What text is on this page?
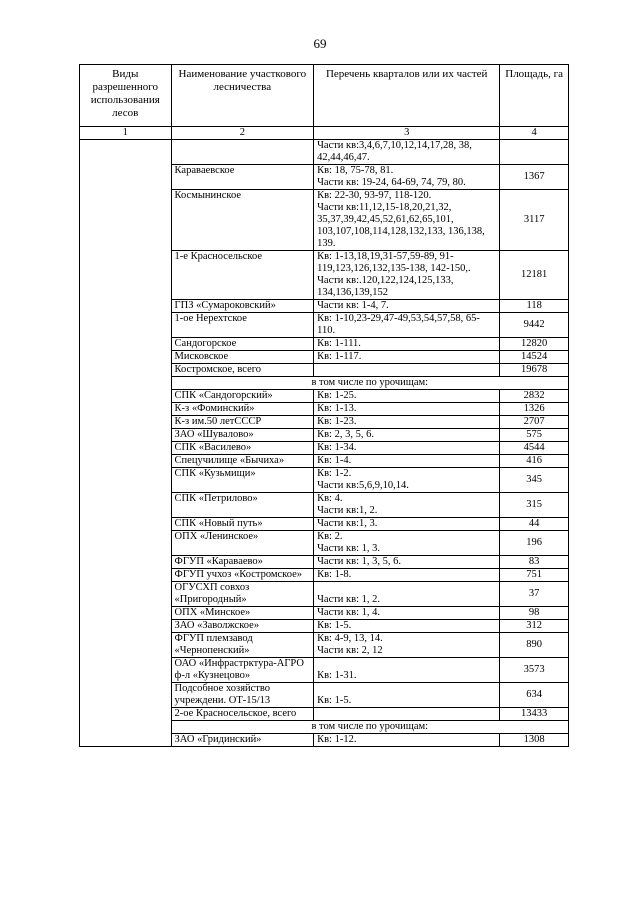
69
Виды разрешенного использования лесов	Наименование участкового лесничества	Перечень кварталов или их частей	Площадь, га
1	2	3	4

		Части кв:3,4,6,7,10,12,14,17,28, 38, 42,44,46,47.	

	Каравaевское	Кв: 18, 75-78, 81.
Части кв: 19-24, 64-69, 74, 79, 80.	1367

	Космынинское	Кв: 22-30, 93-97, 118-120.
Части кв:11,12,15-18,20,21,32, 35,37,39,42,45,52,61,62,65,101, 103,107,108,114,128,132,133, 136,138, 139.	3117

	1-е Красносельское	Кв: 1-13,18,19,31-57,59-89, 91-119,123,126,132,135-138, 142-150,.
Части кв:.120,122,124,125,133, 134,136,139,152	12181

	ГПЗ «Сумароковский»	Части кв: 1-4, 7.	118

	1-ое Нерехтское	Кв: 1-10,23-29,47-49,53,54,57,58, 65-110.	9442

	Сандогорское	Кв: 1-111.	12820

	Мисковское	Кв: 1-117.	14524

	Костромское, всего		19678
	в том числе по урочищам:		

	СПК «Сандогорский»	Кв: 1-25.	2832

	К-з «Фоминский»	Кв: 1-13.	1326

	К-з им.50 летСССР	Кв: 1-23.	2707

	ЗАО «Шувалово»	Кв: 2, 3, 5, 6.	575

	СПК «Василево»	Кв: 1-34.	4544

	Спецучилище «Бычиха»	Кв: 1-4.	416

	СПК «Кузьмищи»	Кв: 1-2.
Части кв:5,6,9,10,14.	345

	СПК «Петрилово»	Кв: 4.
Части кв:1, 2.	315

	СПК «Новый путь»	Части кв:1, 3.	44

	ОПХ «Ленинское»	Кв: 2.
Части кв: 1, 3.	196

	ФГУП «Каравaево»	Части кв: 1, 3, 5, 6.	83

	ФГУП учхоз «Костромское»	Кв: 1-8.	751

	ОГУСХП совхоз «Пригородный»	Части кв: 1, 2.	37

	ОПХ «Минское»	Части кв: 1, 4.	98

	ЗАО «Заволжское»	Кв: 1-5.	312

	ФГУП племзавод «Чернопенский»	Кв: 4-9, 13, 14.
Части кв: 2, 12	890

	ОАО «Инфрастрктура-АГРО ф-л «Кузнецово»	Кв: 1-31.	3573

	Подсобное хозяйство учреждени. ОТ-15/13	Кв: 1-5.	634

	2-ое Красносельское, всего		13433
	в том числе по урочищам:		

	ЗАО «Гридинский»	Кв: 1-12.	1308
